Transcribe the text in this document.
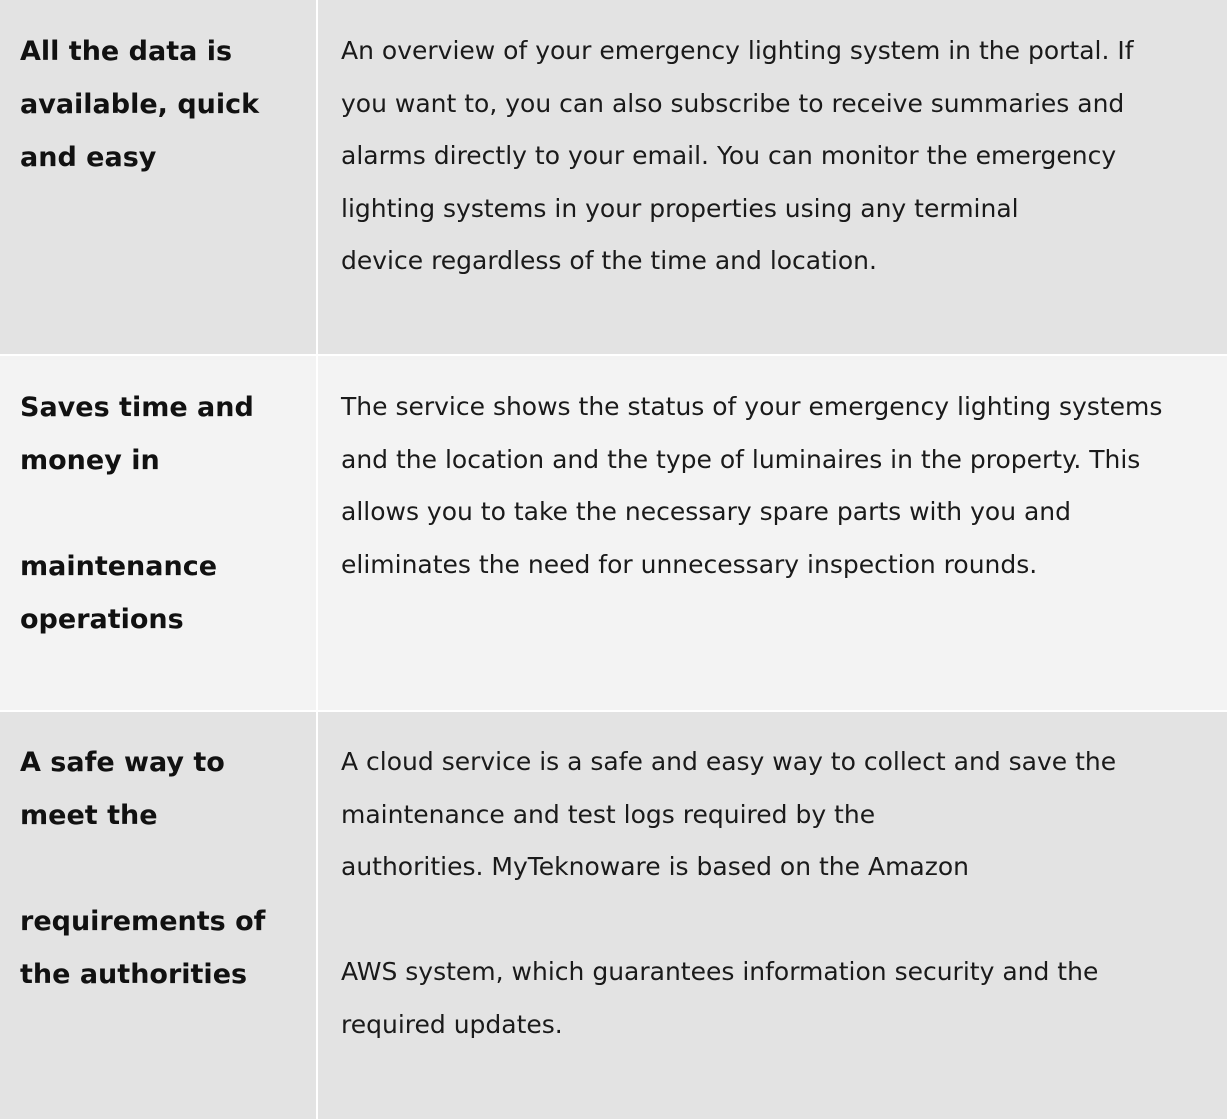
All the data is
available, quick
and easy

An overview of your emergency lighting system in the portal. If
you want to, you can also subscribe to receive summaries and
alarms directly to your email. You can monitor the emergency
lighting systems in your properties using any terminal
device regardless of the time and location.

Saves time and
money in
maintenance
operations

The service shows the status of your emergency lighting systems
and the location and the type of luminaires in the property. This
allows you to take the necessary spare parts with you and
eliminates the need for unnecessary inspection rounds.

A safe way to
meet the
requirements of
the authorities

A cloud service is a safe and easy way to collect and save the
maintenance and test logs required by the
authorities. MyTeknoware is based on the Amazon
AWS system, which guarantees information security and the
required updates.
